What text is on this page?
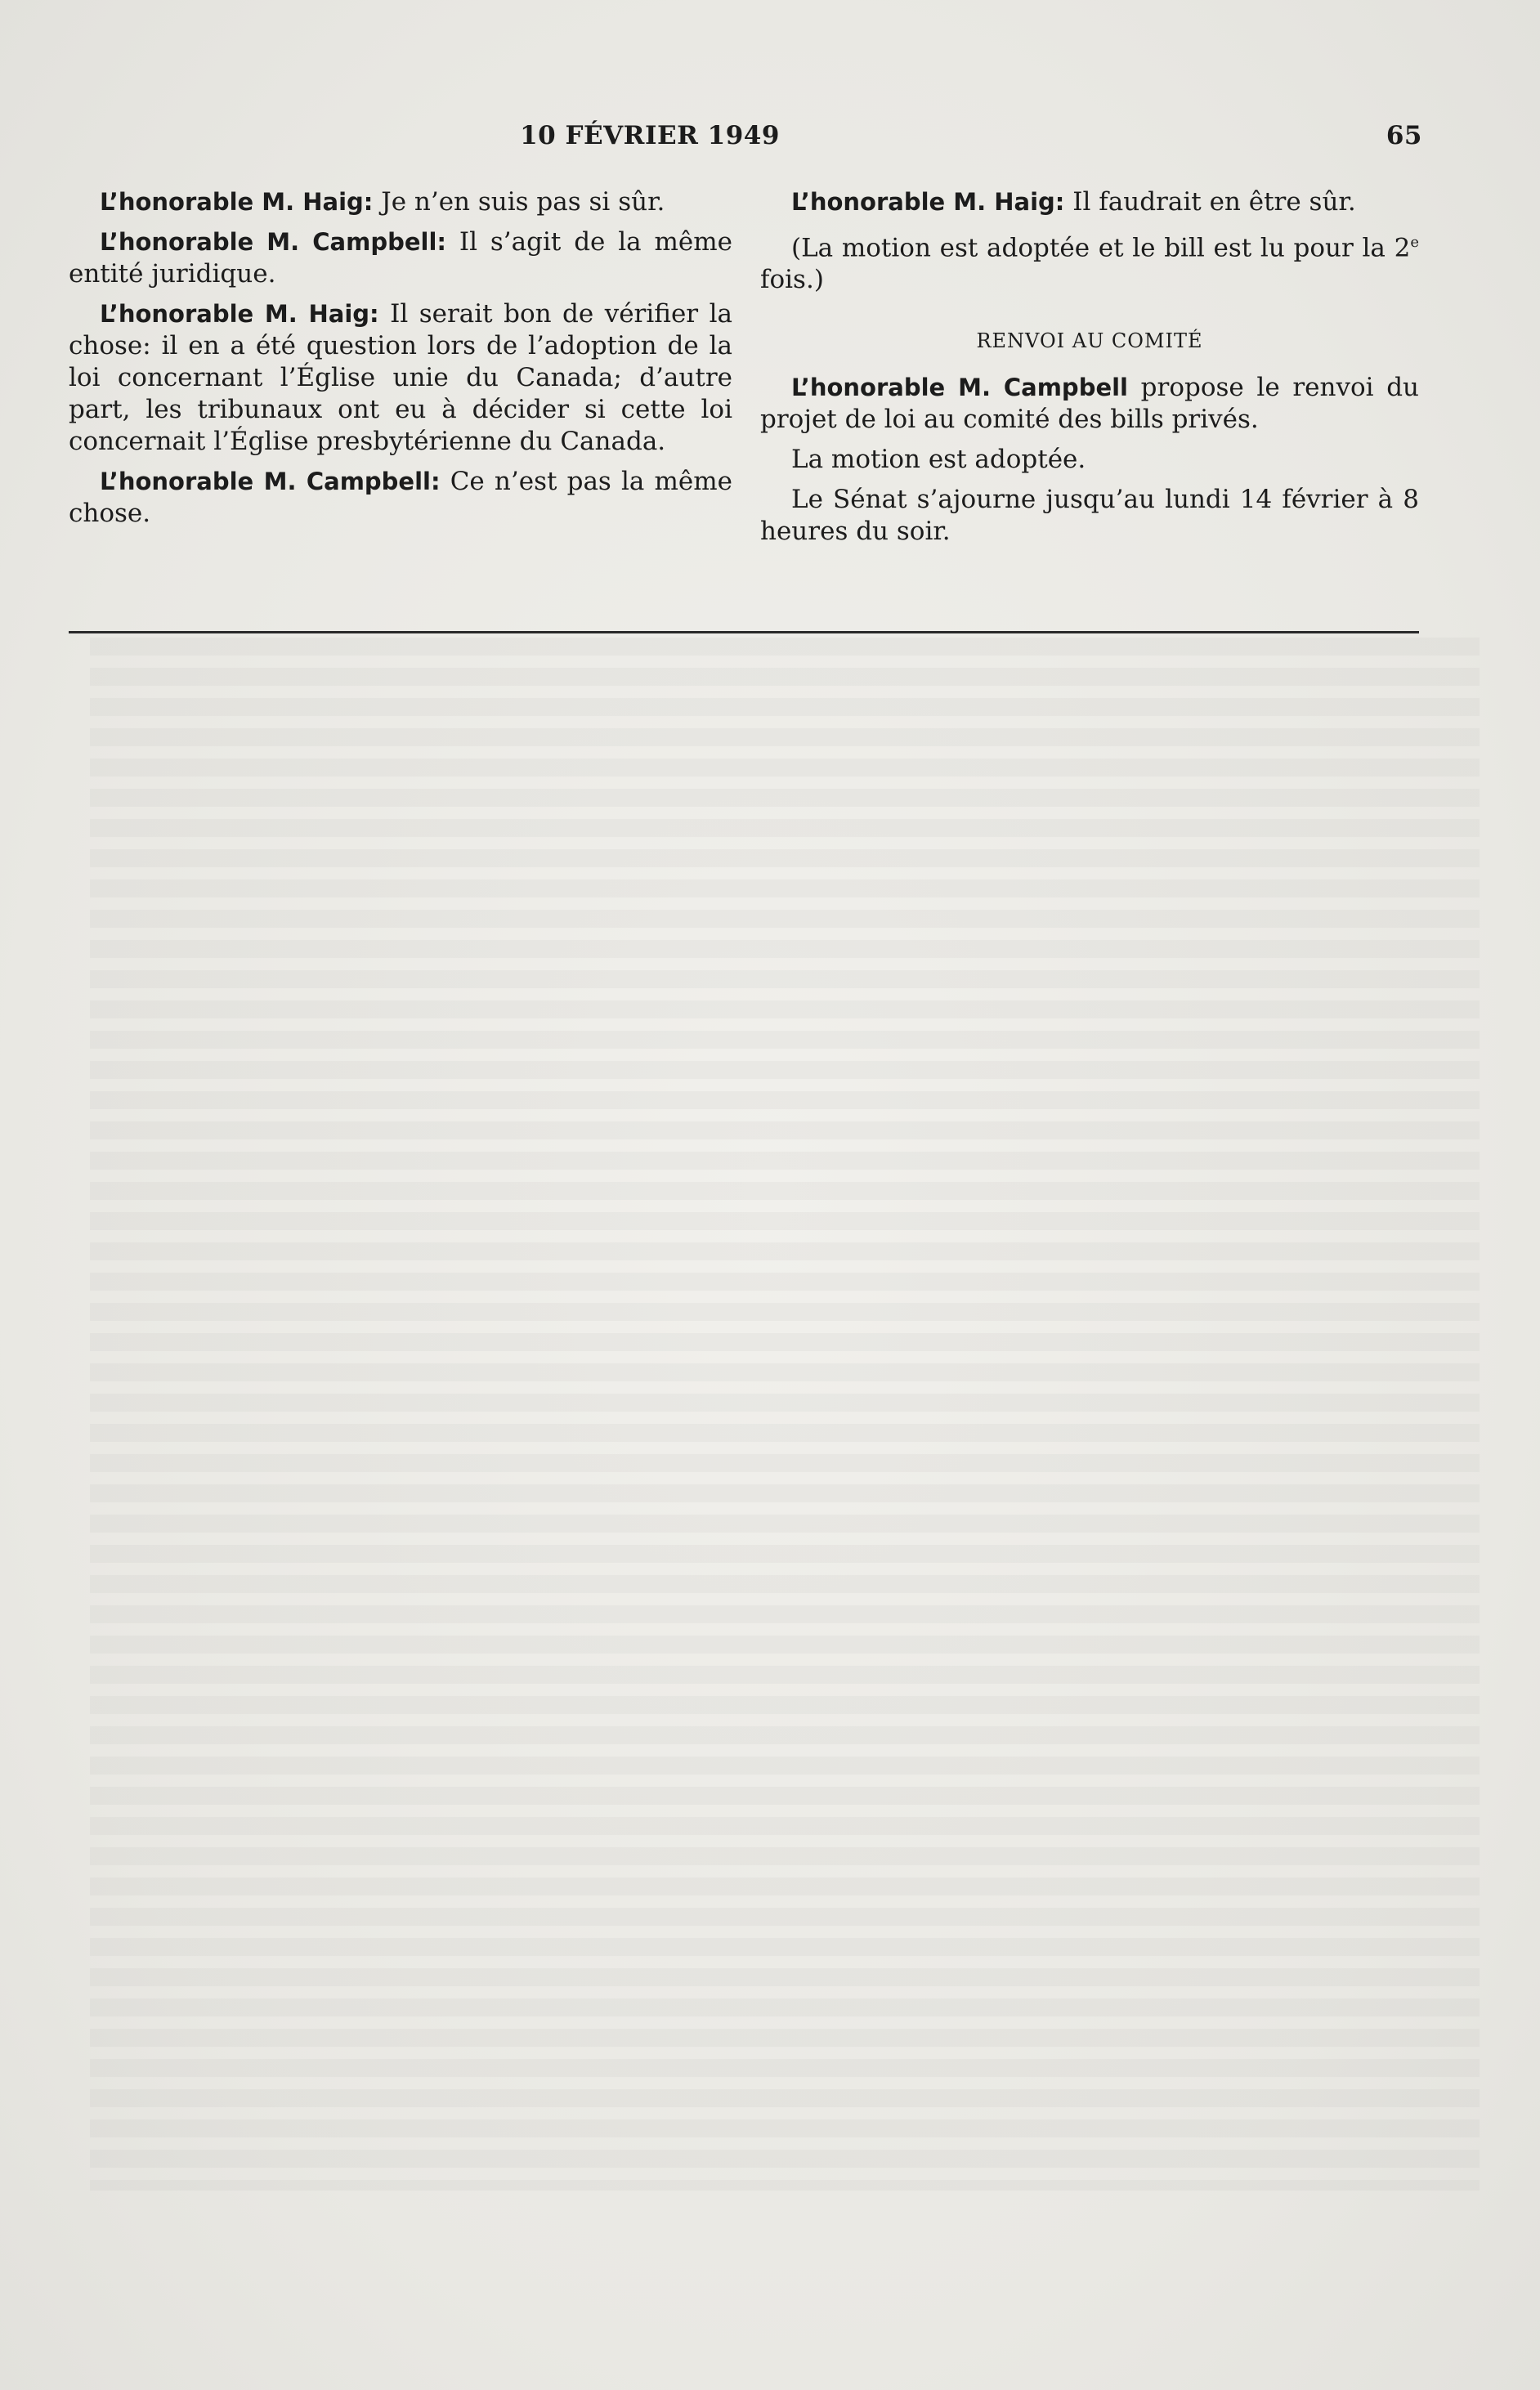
10 FÉVRIER 1949	65

L’honorable M. Haig: Je n’en suis pas si sûr.

L’honorable M. Campbell: Il s’agit de la même entité juridique.

L’honorable M. Haig: Il serait bon de vérifier la chose: il en a été question lors de l’adoption de la loi concernant l’Église unie du Canada; d’autre part, les tribunaux ont eu à décider si cette loi concernait l’Église presbytérienne du Canada.

L’honorable M. Campbell: Ce n’est pas la même chose.

L’honorable M. Haig: Il faudrait en être sûr.

(La motion est adoptée et le bill est lu pour la 2e fois.)

RENVOI AU COMITÉ

L’honorable M. Campbell propose le renvoi du projet de loi au comité des bills privés.

La motion est adoptée.

Le Sénat s’ajourne jusqu’au lundi 14 février à 8 heures du soir.
